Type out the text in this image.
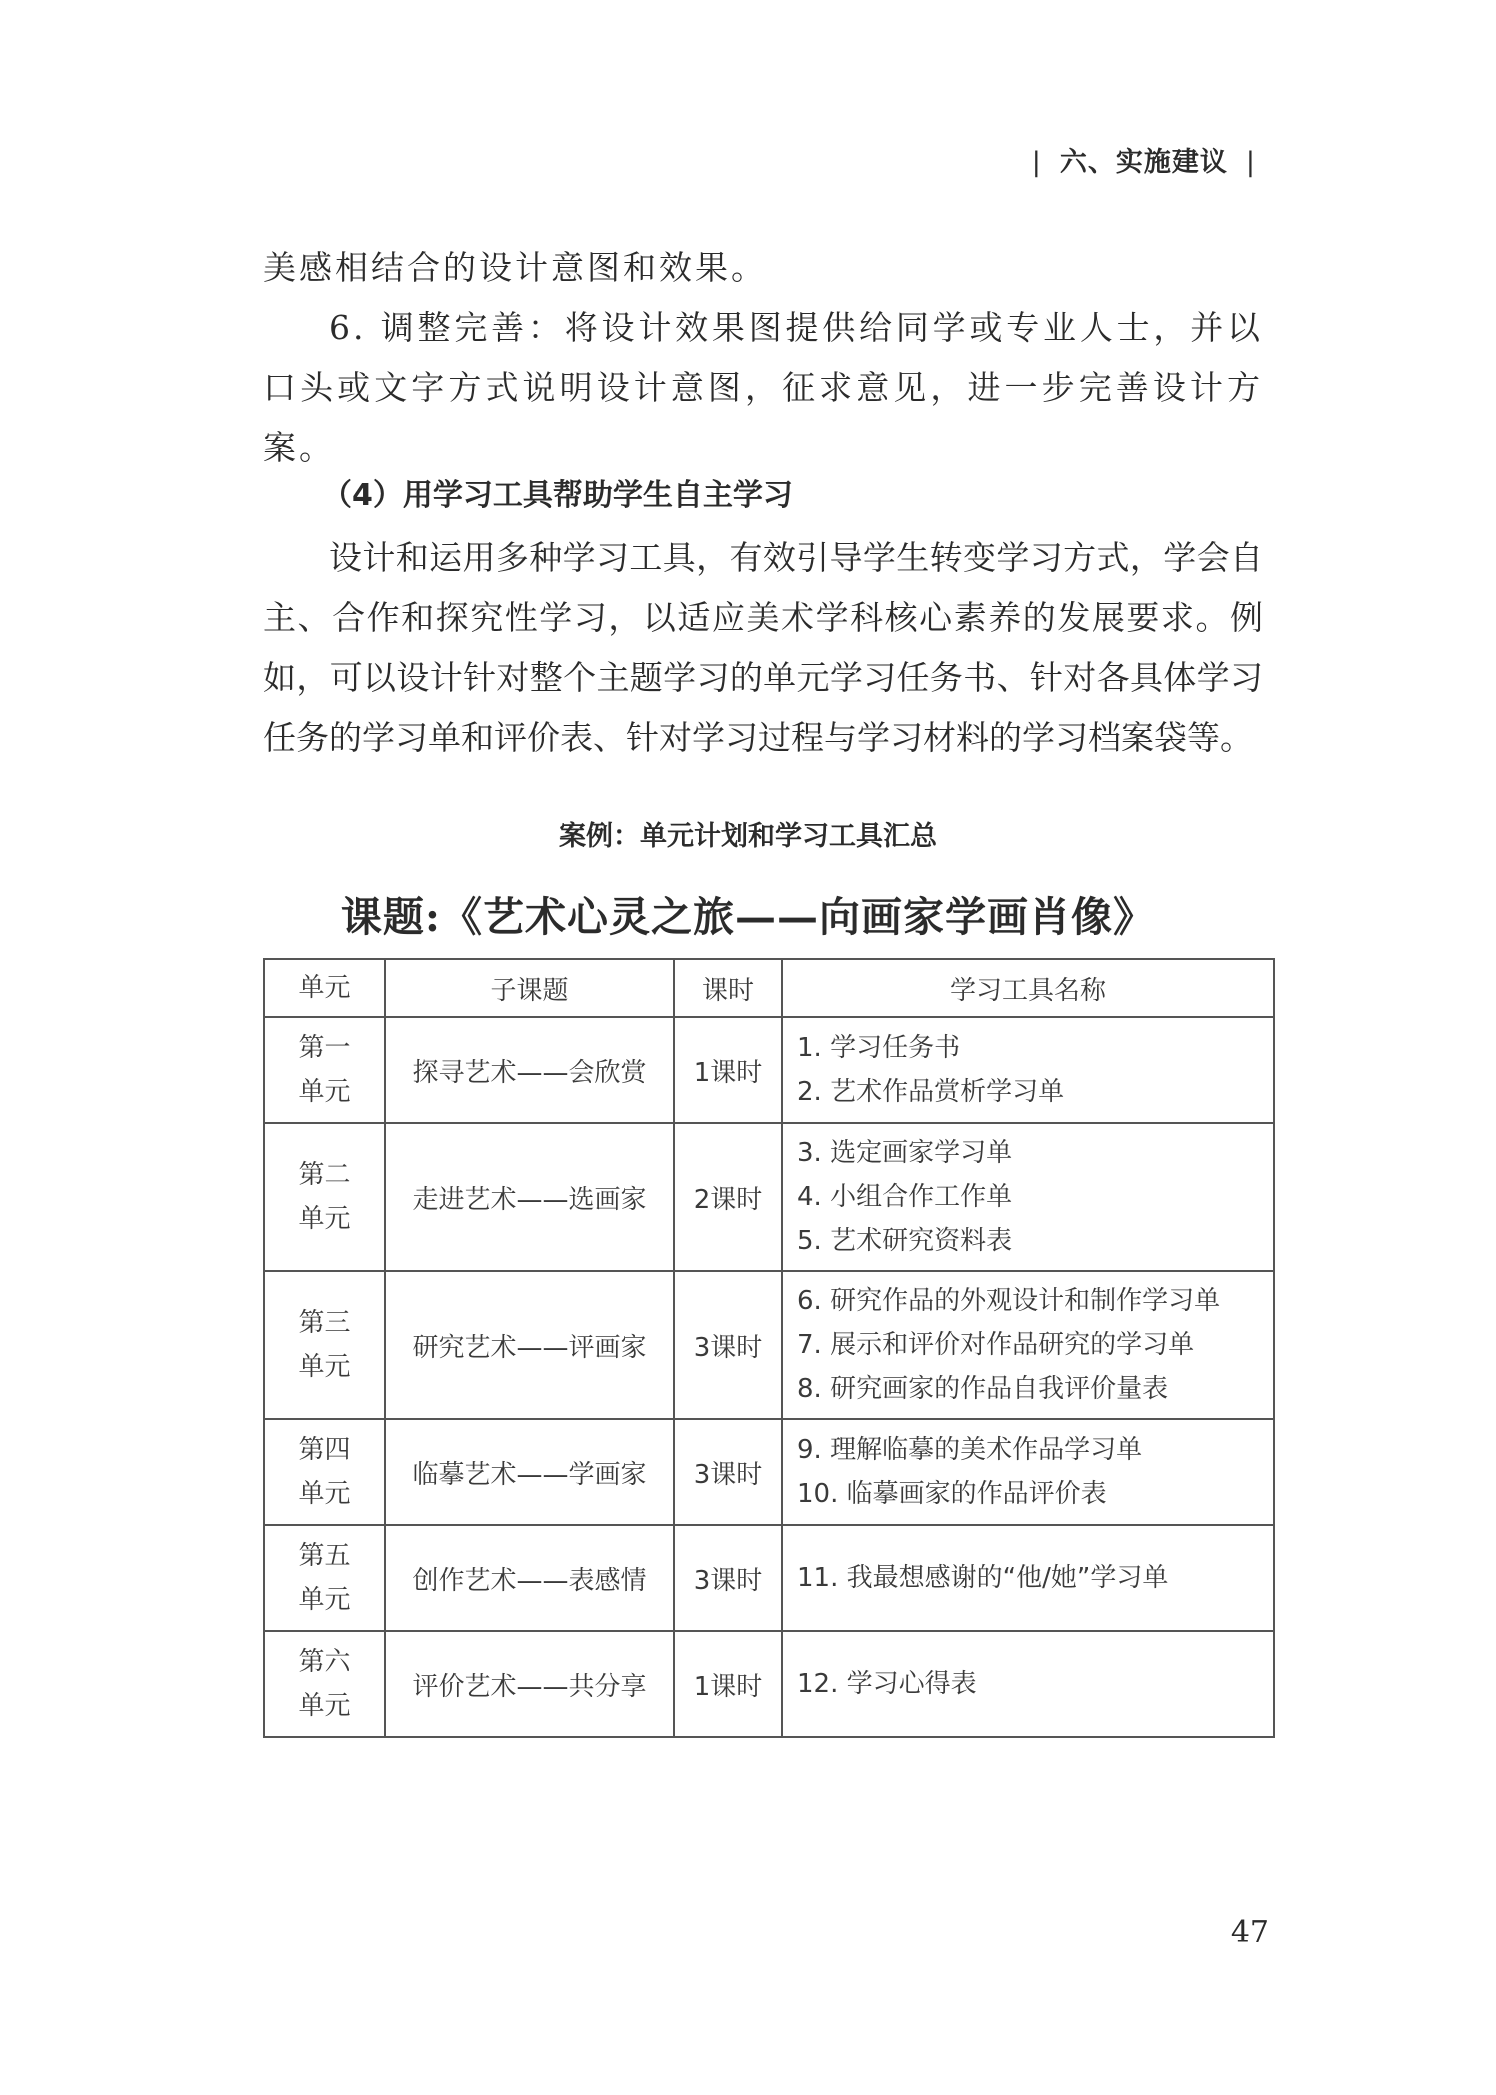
| 六、实施建议 |

美感相结合的设计意图和效果。

6. 调整完善：将设计效果图提供给同学或专业人士，并以口头或文字方式说明设计意图，征求意见，进一步完善设计方案。

（4）用学习工具帮助学生自主学习

设计和运用多种学习工具，有效引导学生转变学习方式，学会自主、合作和探究性学习，以适应美术学科核心素养的发展要求。例如，可以设计针对整个主题学习的单元学习任务书、针对各具体学习任务的学习单和评价表、针对学习过程与学习材料的学习档案袋等。

案例：单元计划和学习工具汇总
课题:《艺术心灵之旅——向画家学画肖像》
单元	子课题	课时	学习工具名称

第一
单元	探寻艺术——会欣赏	1课时	1. 学习任务书
2. 艺术作品赏析学习单

第二
单元	走进艺术——选画家	2课时	3. 选定画家学习单
4. 小组合作工作单
5. 艺术研究资料表

第三
单元	研究艺术——评画家	3课时	6. 研究作品的外观设计和制作学习单
7. 展示和评价对作品研究的学习单
8. 研究画家的作品自我评价量表

第四
单元	临摹艺术——学画家	3课时	9. 理解临摹的美术作品学习单
10. 临摹画家的作品评价表

第五
单元	创作艺术——表感情	3课时	11. 我最想感谢的“他/她”学习单

第六
单元	评价艺术——共分享	1课时	12. 学习心得表
47
